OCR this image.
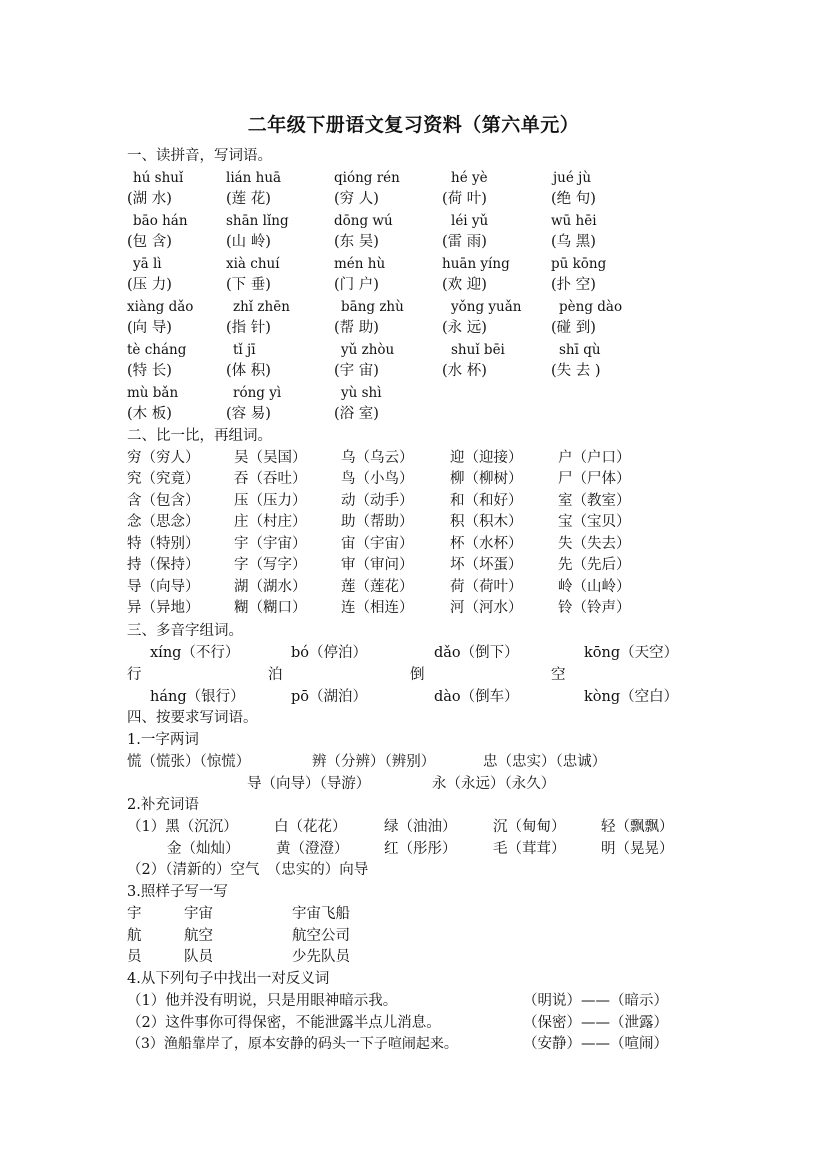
二年级下册语文复习资料（第六单元）
一、读拼音，写词语。
hú shuǐ	lián huā	qióng rén	hé yè	jué jù
(湖 水)	(莲 花)	(穷 人)	(荷 叶)	(绝 句)
bāo hán	shān lǐng	dōng wú	léi yǔ	wū hēi
(包 含)	(山 岭)	(东 吴)	(雷 雨)	(乌 黑)
yā lì	xià chuí	mén hù	huān yíng	pū kōng
(压 力)	(下 垂)	(门 户)	(欢 迎)	(扑 空)
xiàng dǎo	zhǐ zhēn	bāng zhù	yǒng yuǎn	pèng dào
(向 导)	(指 针)	(帮 助)	(永 远)	(碰 到)
tè cháng	tǐ jī	yǔ zhòu	shuǐ bēi	shī qù
(特 长)	(体 积)	(宇 宙)	(水 杯)	(失 去 )
mù bǎn	róng yì	yù shì
(木 板)	(容 易)	(浴 室)
二、比一比，再组词。
穷（穷人） 吴（吴国） 乌（乌云）	迎（迎接） 户（户口）
究（究竟） 吞（吞吐） 鸟（小鸟）	柳（柳树） 尸（尸体）
含（包含） 压（压力） 动（动手）	和（和好） 室（教室）
念（思念） 庄（村庄） 助（帮助）	积（积木） 宝（宝贝）
特（特别） 宇（宇宙） 宙（宇宙）	杯（水杯） 失（失去）
持（保持） 字（写字） 审（审问）	坏（坏蛋） 先（先后）
导（向导） 湖（湖水） 莲（莲花）	荷（荷叶） 岭（山岭）
异（异地） 糊（糊口） 连（相连）	河（河水） 铃（铃声）
三、多音字组词。
xíng（不行）	bó（停泊）	dǎo（倒下）	kōng（天空）
行	泊	倒	空
háng（银行）	pō（湖泊）	dào（倒车）	kòng（空白）
四、按要求写词语。
1.一字两词
慌（慌张）（惊慌）	辨（分辨）（辨别）	忠（忠实）（忠诚）
导（向导）（导游）	永（永远）（永久）
2.补充词语
（1）黑（沉沉）	白（花花）	绿（油油）	沉（甸甸） 轻（飘飘）
金（灿灿）	黄（澄澄） 红（彤彤）	毛（茸茸） 明（晃晃）
（2）（清新的）空气　（忠实的）向导
3.照样子写一写
宇	宇宙	宇宙飞船
航	航空	航空公司
员	队员	少先队员
4.从下列句子中找出一对反义词
（1）他并没有明说，只是用眼神暗示我。	（明说）——（暗示）
（2）这件事你可得保密，不能泄露半点儿消息。	（保密）——（泄露）
（3）渔船靠岸了，原本安静的码头一下子喧闹起来。	（安静）——（喧闹）
